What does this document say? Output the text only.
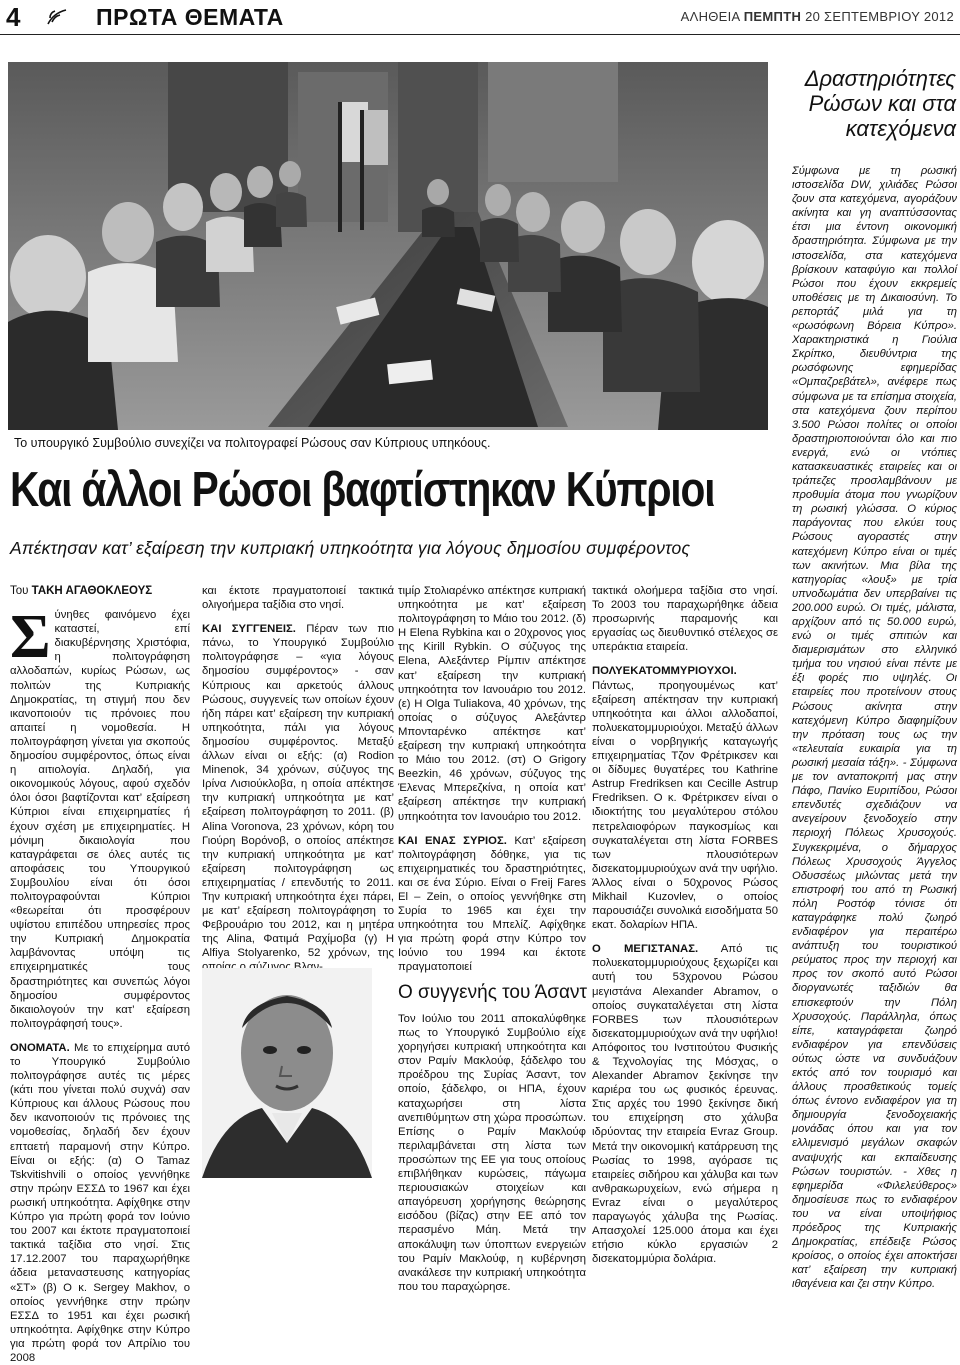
4	ΠΡΩΤΑ ΘΕΜΑΤΑ	ΑΛΗΘΕΙΑ ΠΕΜΠΤΗ 20 ΣΕΠΤΕΜΒΡΙΟΥ 2012
Το υπουργικό Συμβούλιο συνεχίζει να πολιτογραφεί Ρώσους σαν Κύπριους υπηκόους.
Δραστηριότητες Ρώσων και στα κατεχόμενα
Σύμφωνα με τη ρωσική ιστοσελίδα DW, χιλιάδες Ρώσοι ζουν στα κατεχόμενα, αγοράζουν ακίνητα και γη αναπτύσσοντας έτσι μια έντονη οικονομική δραστηριότητα. Σύμφωνα με την ιστοσελίδα, στα κατεχόμενα βρίσκουν καταφύγιο και πολλοί Ρώσοι που έχουν εκκρεμείς υποθέσεις με τη Δικαιοσύνη. Το ρεπορτάζ μιλά για τη «ρωσόφωνη Βόρεια Κύπρο». Χαρακτηριστικά η Γιούλια Σκρίπκο, διευθύντρια της ρωσόφωνης εφημερίδας «Ομπαζρεβάτελ», ανέφερε πως σύμφωνα με τα επίσημα στοιχεία, στα κατεχόμενα ζουν περίπου 3.500 Ρώσοι πολίτες οι οποίοι δραστηριοποιούνται όλο και πιο ενεργά, ενώ οι ντόπιες κατασκευαστικές εταιρείες και οι τράπεζες προσλαμβάνουν με προθυμία άτομα που γνωρίζουν τη ρωσική γλώσσα. Ο κύριος παράγοντας που ελκύει τους Ρώσους αγοραστές στην κατεχόμενη Κύπρο είναι οι τιμές των ακινήτων. Μια βίλα της κατηγορίας «λουξ» με τρία υπνοδωμάτια δεν υπερβαίνει τις 200.000 ευρώ. Οι τιμές, μάλιστα, αρχίζουν από τις 50.000 ευρώ, ενώ οι τιμές σπιτιών και διαμερισμάτων στο ελληνικό τμήμα του νησιού είναι πέντε με έξι φορές πιο υψηλές. Οι εταιρείες που προτείνουν στους Ρώσους ακίνητα στην κατεχόμενη Κύπρο διαφημίζουν την πρόταση τους ως την «τελευταία ευκαιρία για τη ρωσική μεσαία τάξη». - Σύμφωνα με τον ανταποκριτή μας στην Πάφο, Πανίκο Ευριπίδου, Ρώσοι επενδυτές σχεδιάζουν να ανεγείρουν ξενοδοχείο στην περιοχή Πόλεως Χρυσοχούς. Συγκεκριμένα, ο δήμαρχος Πόλεως Χρυσοχούς Άγγελος Οδυσσέως μιλώντας μετά την επιστροφή του από τη Ρωσική πόλη Ροστόφ τόνισε ότι καταγράφηκε πολύ ζωηρό ενδιαφέρον για περαιτέρω ανάπτυξη του τουριστικού ρεύματος προς την περιοχή και προς τον σκοπό αυτό Ρώσοι διοργανωτές ταξιδιών θα επισκεφτούν την Πόλη Χρυσοχούς. Παράλληλα, όπως είπε, καταγράφεται ζωηρό ενδιαφέρον για επενδύσεις ούτως ώστε να συνδυάζουν εκτός από τον τουρισμό και άλλους προσθετικούς τομείς όπως έντονο ενδιαφέρον για τη δημιουργία ξενοδοχειακής μονάδας όπου και για τον ελλιμενισμό μεγάλων σκαφών αναψυχής και εκπαίδευσης Ρώσων τουριστών. - Χθες η εφημερίδα «Φιλελεύθερος» δημοσίευσε πως το ενδιαφέρον του να είναι υποψήφιος πρόεδρος της Κυπριακής Δημοκρατίας, επέδειξε Ρώσος κροίσος, ο οποίος έχει αποκτήσει κατ’ εξαίρεση την κυπριακή ιθαγένεια και ζει στην Κύπρο.
Και άλλοι Ρώσοι βαφτίστηκαν Κύπριοι
Απέκτησαν κατ’ εξαίρεση την κυπριακή υπηκοότητα για λόγους δημοσίου συμφέροντος
Του ΤΑΚΗ ΑΓΑΘΟΚΛΕΟΥΣ

Σύνηθες φαινόμενο έχει καταστεί, επί διακυβέρνησης Χριστόφια, η πολιτογράφηση αλλοδαπών, κυρίως Ρώσων, ως πολιτών της Κυπριακής Δημοκρατίας, τη στιγμή που δεν ικανοποιούν τις πρόνοιες που απαιτεί η νομοθεσία. Η πολιτογράφηση γίνεται για σκοπούς δημοσίου συμφέροντος, όπως είναι η αιτιολογία. Δηλαδή, για οικονομικούς λόγους, αφού σχεδόν όλοι όσοι βαφτίζονται κατ’ εξαίρεση Κύπριοι είναι επιχειρηματίες ή έχουν σχέση με επιχειρηματίες. Η μόνιμη δικαιολογία που καταγράφεται σε όλες αυτές τις αποφάσεις του Υπουργικού Συμβουλίου είναι ότι όσοι πολιτογραφούνται Κύπριοι «θεωρείται ότι προσφέρουν υψίστου επιπέδου υπηρεσίες προς την Κυπριακή Δημοκρατία λαμβάνοντας υπόψη τις επιχειρηματικές τους δραστηριότητες και συνεπώς λόγοι δημοσίου συμφέροντος δικαιολογούν την κατ’ εξαίρεση πολιτογράφησή τους».

ΟΝΟΜΑΤΑ. Με το επιχείρημα αυτό το Υπουργικό Συμβούλιο πολιτογράφησε αυτές τις μέρες (κάτι που γίνεται πολύ συχνά) σαν Κύπριους και άλλους Ρώσους που δεν ικανοποιούν τις πρόνοιες της νομοθεσίας, δηλαδή δεν έχουν επταετή παραμονή στην Κύπρο. Είναι οι εξής: (α) O Tamaz Tskvitishvili ο οποίος γεννήθηκε στην πρώην ΕΣΣΔ το 1967 και έχει ρωσική υπηκοότητα. Αφίχθηκε στην Κύπρο για πρώτη φορά τον Ιούνιο του 2007 και έκτοτε πραγματοποιεί τακτικά ταξίδια στο νησί. Στις 17.12.2007 του παραχωρήθηκε άδεια μεταναστευσης κατηγορίας «ΣΤ» (β) O κ. Sergey Makhov, ο οποίος γεννήθηκε στην πρώην ΕΣΣΔ το 1951 και έχει ρωσική υπηκοότητα. Αφίχθηκε στην Κύπρο για πρώτη φορά τον Απρίλιο του 2008

και έκτοτε πραγματοποιεί τακτικά ολιγοήμερα ταξίδια στο νησί.

ΚΑΙ ΣΥΓΓΕΝΕΙΣ. Πέραν των πιο πάνω, το Υπουργικό Συμβούλιο πολιτογράφησε – «για λόγους δημοσίου συμφέροντος» - σαν Κύπριους και αρκετούς άλλους Ρώσους, συγγενείς των οποίων έχουν ήδη πάρει κατ’ εξαίρεση την κυπριακή υπηκοότητα, πάλι για λόγους δημοσίου συμφέροντος. Μεταξύ άλλων είναι οι εξής: (α) Rodion Minenok, 34 χρόνων, σύζυγος της Ιρίνα Λισιούκλοβα, η οποία απέκτησε την κυπριακή υπηκοότητα με κατ’ εξαίρεση πολιτογράφηση το 2011. (β) Alina Voronova, 23 χρόνων, κόρη του Γιούρη Βορόνοβ, ο οποίος απέκτησε την κυπριακή υπηκοότητα με κατ’ εξαίρεση πολιτογράφηση ως επιχειρηματίας / επενδυτής το 2011. Την κυπριακή υπηκοότητα έχει πάρει, με κατ’ εξαίρεση πολιτογράφηση το Φεβρουάριο του 2012, και η μητέρα της Alina, Φατιμά Ραχίμοβα (γ) Η Alfiya Stolyarenko, 52 χρόνων, της

τιμίρ Στολιαρένκο απέκτησε κυπριακή υπηκοότητα με κατ’ εξαίρεση πολιτογράφηση το Μάιο του 2012. (δ) Η Elena Rybkina και ο 20χρονος γιος της Kirill Rybkin. Ο σύζυγος της Elena, Αλεξάντερ Ρίμπιν απέκτησε κατ’ εξαίρεση την κυπριακή υπηκοότητα τον Ιανουάριο του 2012. (ε) Η Olga Tuliakova, 40 χρόνων, της οποίας ο σύζυγος Αλεξάντερ Μπονταρένκο απέκτησε κατ’ εξαίρεση την κυπριακή υπηκοότητα το Μάιο του 2012. (στ) O Grigory Beezkin, 46 χρόνων, σύζυγος της Έλενας Μπερεζκίνα, η οποία κατ’ εξαίρεση απέκτησε την κυπριακή υπηκοότητα τον Ιανουάριο του 2012.

ΚΑΙ ΕΝΑΣ ΣΥΡΙΟΣ. Κατ’ εξαίρεση πολιτογράφηση δόθηκε, για τις επιχειρηματικές του δραστηριότητες, και σε ένα Σύριο. Είναι ο Freij Fares El – Zein, ο οποίος γεννήθηκε στη Συρία το 1965 και έχει την υπηκοότητα του Μπελίζ. Αφίχθηκε για πρώτη φορά στην Κύπρο τον Ιούνιο του 1994 και έκτοτε πραγματοποιεί

τακτικά ολοήμερα ταξίδια στο νησί. Το 2003 του παραχωρήθηκε άδεια προσωρινής παραμονής και εργασίας ως διευθυντικό στέλεχος σε υπεράκτια εταιρεία.

ΠΟΛΥΕΚΑΤΟΜΜΥΡΙΟΥΧΟΙ. Πάντως, προηγουμένως κατ’ εξαίρεση απέκτησαν την κυπριακή υπηκοότητα και άλλοι αλλοδαποί, πολυεκατομμυριούχοι. Μεταξύ άλλων είναι ο νορβηγικής καταγωγής επιχειρηματίας Τζον Φρέτρικσεν και οι δίδυμες θυγατέρες του Kathrine Astrup Fredriksen και Cecille Astrup Fredriksen. Ο κ. Φρέτρικσεν είναι ο ιδιοκτήτης του μεγαλύτερου στόλου πετρελαιοφόρων παγκοσμίως και συγκαταλέγεται στη λίστα FORBES των πλουσιότερων δισεκατομμυριούχων ανά την υφήλιο. Άλλος είναι ο 50χρονος Ρώσος Mikhail Kuzovlev, ο οποίος παρουσιάζει συνολικά εισοδήματα 50 εκατ. δολαρίων ΗΠΑ.

Ο ΜΕΓΙΣΤΑΝΑΣ. Από τις πολυεκατομμυριούχους ξεχωρίζει και αυτή του 53χρονου Ρώσου μεγιστάνα Alexander Abramov, ο οποίος συγκαταλέγεται στη λίστα FORBES των πλουσιότερων δισεκατομμυριούχων ανά την υφήλιο! Απόφοιτος του Ινστιτούτου Φυσικής & Τεχνολογίας της Μόσχας, ο Alexander Abramov ξεκίνησε την καριέρα του ως φυσικός έρευνας. Στις αρχές του 1990 ξεκίνησε δική του επιχείρηση στο χάλυβα ιδρύοντας την εταιρεία Evraz Group. Μετά την οικονομική κατάρρευση της Ρωσίας το 1998, αγόρασε τις εταιρείες σιδήρου και χάλυβα και των ανθρακωρυχείων, ενώ σήμερα η Evraz είναι ο μεγαλύτερος παραγωγός χάλυβα της Ρωσίας. Απασχολεί 125.000 άτομα και έχει ετήσιο κύκλο εργασιών 2 δισεκατομμύρια δολάρια.

Ο συγγενής του Άσαντ
Τον Ιούλιο του 2011 αποκαλύφθηκε πως το Υπουργικό Συμβούλιο είχε χορηγήσει κυπριακή υπηκοότητα και στον Ραμίν Μακλούφ, ξάδελφο του προέδρου της Συρίας Άσαντ, τον οποίο, ξάδελφο, οι ΗΠΑ, έχουν καταχωρήσει στη λίστα ανεπιθύμητων στη χώρα προσώπων. Επίσης ο Ραμίν Μακλούφ περιλαμβάνεται στη λίστα των προσώπων της ΕΕ για τους οποίους επιβλήθηκαν κυρώσεις, πάγωμα περιουσιακών στοιχείων και απαγόρευση χορήγησης θεώρησης εισόδου (βίζας) στην ΕΕ από τον περασμένο Μάη. Μετά την αποκάλυψη των ύποπτων ενεργειών του Ραμίν Μακλούφ, η κυβέρνηση ανακάλεσε την κυπριακή υπηκοότητα που του παραχώρησε.
